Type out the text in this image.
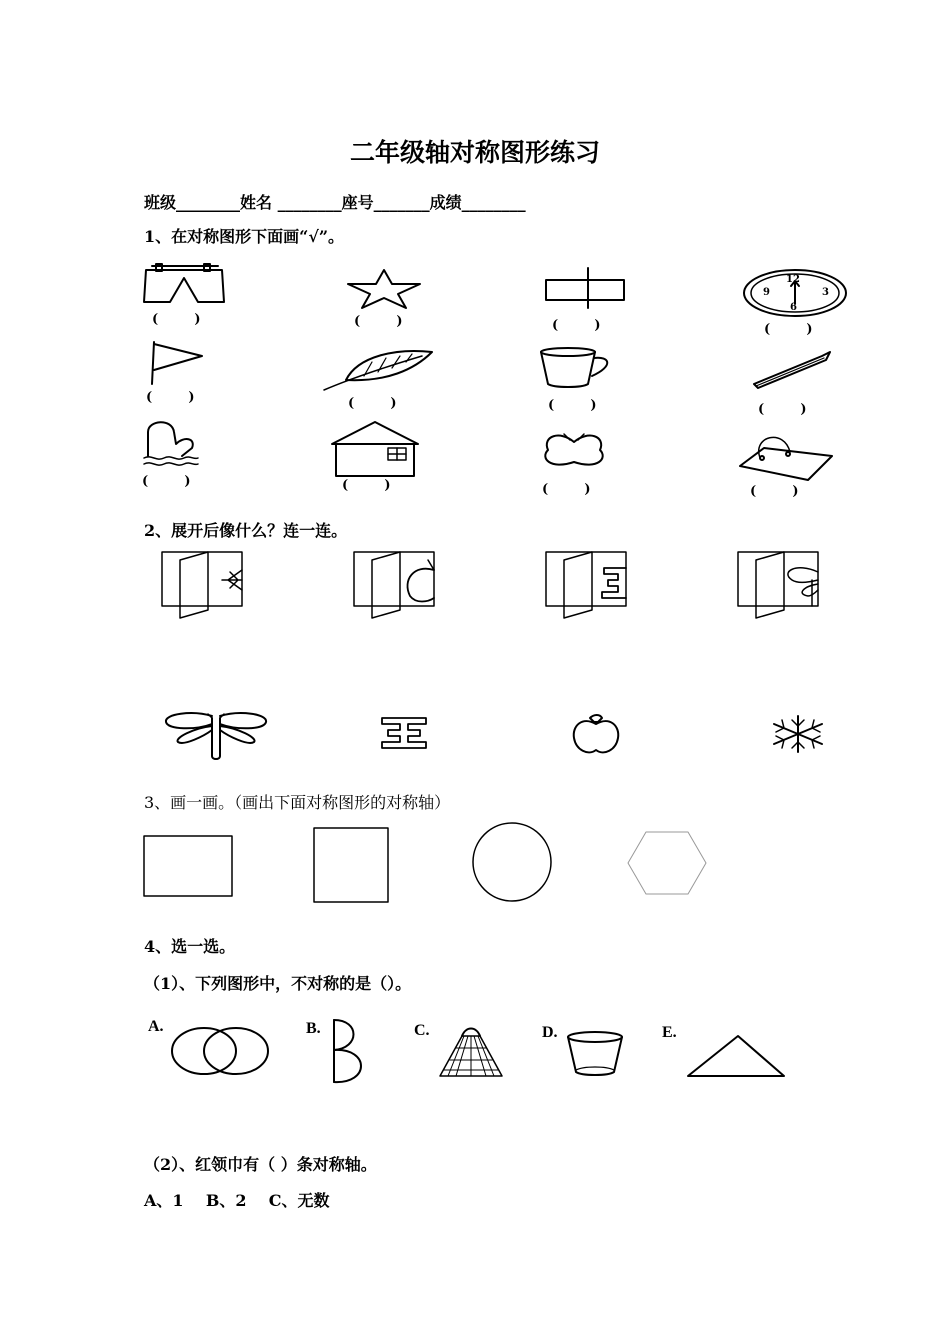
二年级轴对称图形练习
班级________姓名 ________座号_______成绩________
1、在对称图形下面画“√”。
12
3
6
9
(        )	(        )	(        )	(        )
(        )	(        )	(        )	(        )
(        )	(        )	(        )	(        )
2、展开后像什么？连一连。
3、画一画。（画出下面对称图形的对称轴）
4、选一选。
（1）、下列图形中，不对称的是（）。
A.	B.	C.	D.	E.
（2）、红领巾有（ ）条对称轴。
A、1    B、2    C、无数
